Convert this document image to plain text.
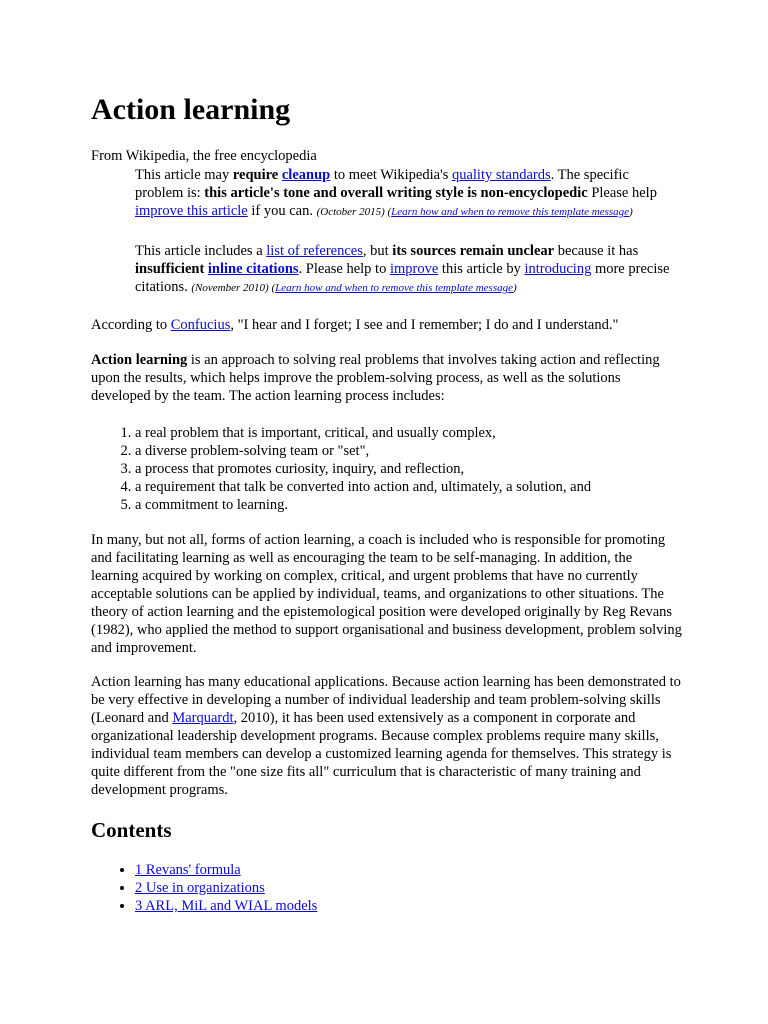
Action learning
From Wikipedia, the free encyclopedia

This article may require cleanup to meet Wikipedia's quality standards. The specific problem is: this article's tone and overall writing style is non-encyclopedic Please help improve this article if you can. (October 2015) (Learn how and when to remove this template message)

This article includes a list of references, but its sources remain unclear because it has insufficient inline citations. Please help to improve this article by introducing more precise citations. (November 2010) (Learn how and when to remove this template message)

According to Confucius, "I hear and I forget; I see and I remember; I do and I understand."

Action learning is an approach to solving real problems that involves taking action and reflecting upon the results, which helps improve the problem-solving process, as well as the solutions developed by the team. The action learning process includes:

1. a real problem that is important, critical, and usually complex,
2. a diverse problem-solving team or "set",
3. a process that promotes curiosity, inquiry, and reflection,
4. a requirement that talk be converted into action and, ultimately, a solution, and
5. a commitment to learning.

In many, but not all, forms of action learning, a coach is included who is responsible for promoting and facilitating learning as well as encouraging the team to be self-managing. In addition, the learning acquired by working on complex, critical, and urgent problems that have no currently acceptable solutions can be applied by individual, teams, and organizations to other situations. The theory of action learning and the epistemological position were developed originally by Reg Revans (1982), who applied the method to support organisational and business development, problem solving and improvement.

Action learning has many educational applications. Because action learning has been demonstrated to be very effective in developing a number of individual leadership and team problem-solving skills (Leonard and Marquardt, 2010), it has been used extensively as a component in corporate and organizational leadership development programs. Because complex problems require many skills, individual team members can develop a customized learning agenda for themselves. This strategy is quite different from the "one size fits all" curriculum that is characteristic of many training and development programs.

Contents
• 1 Revans' formula
• 2 Use in organizations
• 3 ARL, MiL and WIAL models
